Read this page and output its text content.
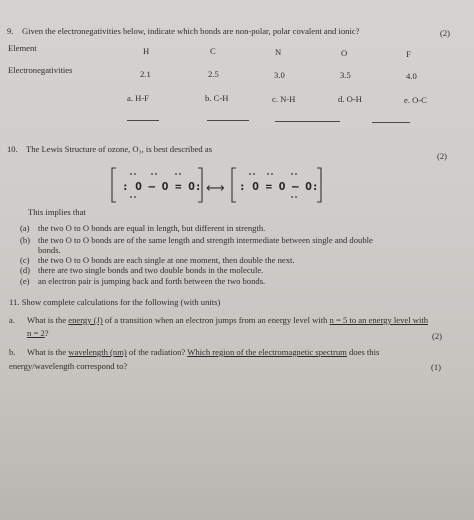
9. Given the electronegativities below, indicate which bonds are non-polar, polar covalent and ionic?	(2)
Element	H	C	N	O	F
Electronegativities	2.1	2.5	3.0	3.5	4.0
a. H-F	b. C-H	c. N-H	d. O-H	e. O-C
10. The Lewis Structure of ozone, O₃, is best described as
(2)
: O – O = O: ⟷ : O = O – O:
This implies that
(a) the two O to O bonds are equal in length, but different in strength.
(b) the two O to O bonds are of the same length and strength intermediate between single and double bonds.
(c) the two O to O bonds are each single at one moment, then double the next.
(d) there are two single bonds and two double bonds in the molecule.
(e) an electron pair is jumping back and forth between the two bonds.
11. Show complete calculations for the following (with units)
a. What is the energy (J) of a transition when an electron jumps from an energy level with n = 5 to an energy level with
n = 2?	(2)
b. What is the wavelength (nm) of the radiation? Which region of the electromagnetic spectrum does this
energy/wavelength correspond to?	(1)
